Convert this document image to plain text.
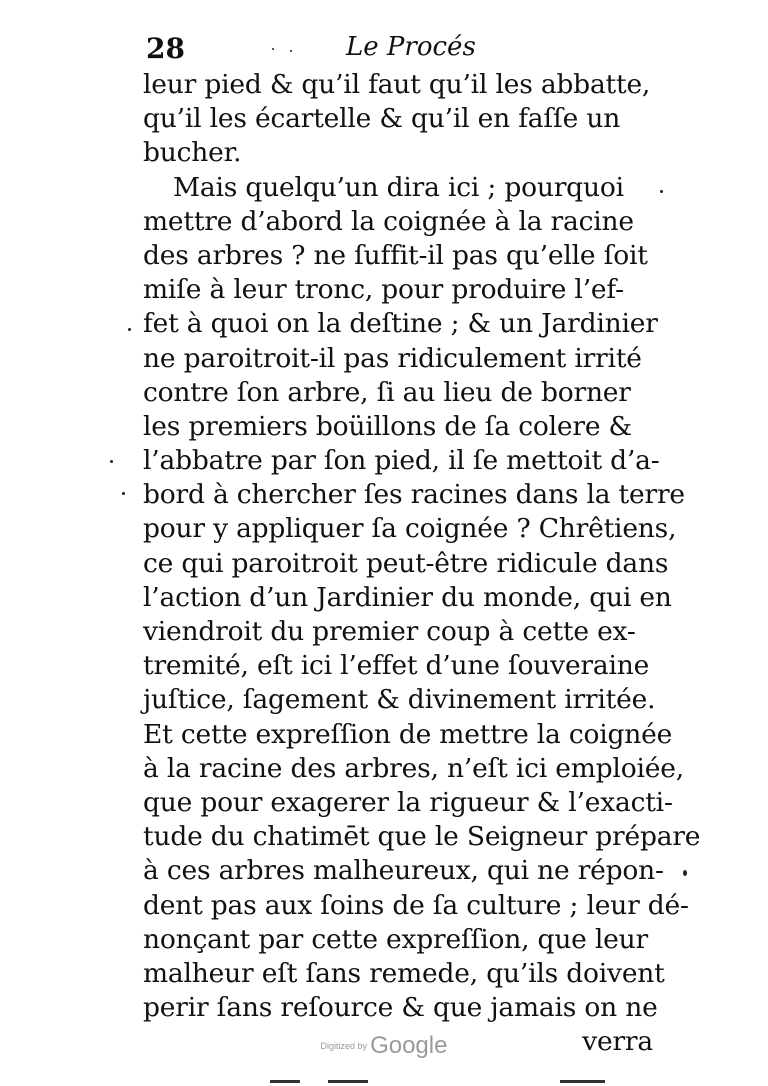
28	Le Procés
leur pied & qu’il faut qu’il les abbatte,
qu’il les écartelle & qu’il en faſſe un
bucher.
Mais quelqu’un dira ici ; pourquoi
mettre d’abord la coignée à la racine
des arbres ? ne ſuffit-il pas qu’elle ſoit
miſe à leur tronc, pour produire l’ef-
fet à quoi on la deſtine ; & un Jardinier
ne paroitroit-il pas ridiculement irrité
contre ſon arbre, ſi au lieu de borner
les premiers boüillons de ſa colere &
l’abbatre par ſon pied, il ſe mettoit d’a-
bord à chercher ſes racines dans la terre
pour y appliquer ſa coignée ? Chrêtiens,
ce qui paroitroit peut-être ridicule dans
l’action d’un Jardinier du monde, qui en
viendroit du premier coup à cette ex-
tremité, eſt ici l’effet d’une ſouveraine
juſtice, ſagement & divinement irritée.
Et cette expreſſion de mettre la coignée
à la racine des arbres, n’eſt ici emploiée,
que pour exagerer la rigueur & l’exacti-
tude du chatimēt que le Seigneur prépare
à ces arbres malheureux, qui ne répon-
dent pas aux ſoins de ſa culture ; leur dé-
nonçant par cette expreſſion, que leur
malheur eſt ſans remede, qu’ils doivent
perir ſans reſource & que jamais on ne
verra
Digitized by Google
